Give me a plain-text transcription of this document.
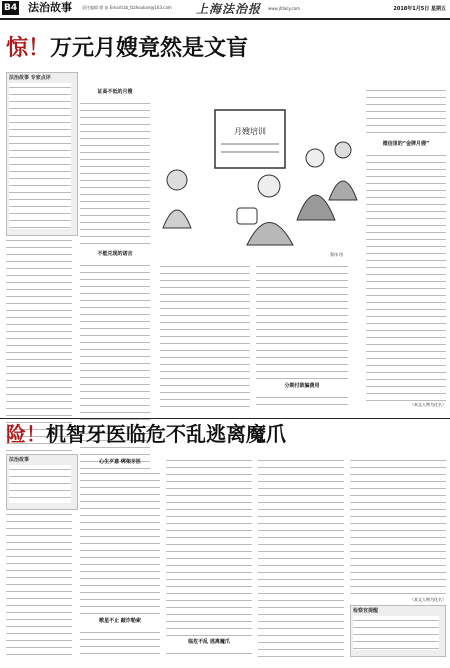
B4 法治故事	责任编辑 徐 宙 Email:lzb_fzzhoukan@163.com 上海法治报 www.jfdaily.com	2018年1月5日 星期五
惊！万元月嫂竟然是文盲
法治故事 专家点评
证高不低的月嫂
不能兑现的诺言
月嫂培训
翟伟 图
分期付款骗费用
微信里的“金牌月嫂”
（本文人物为化名）
险！机智牙医临危不乱逃离魔爪
法治故事	心生歹意 绑架牙医
歌星不止 敲诈勒索
临危不乱 逃离魔爪
（本文人物为化名）
检察官提醒
